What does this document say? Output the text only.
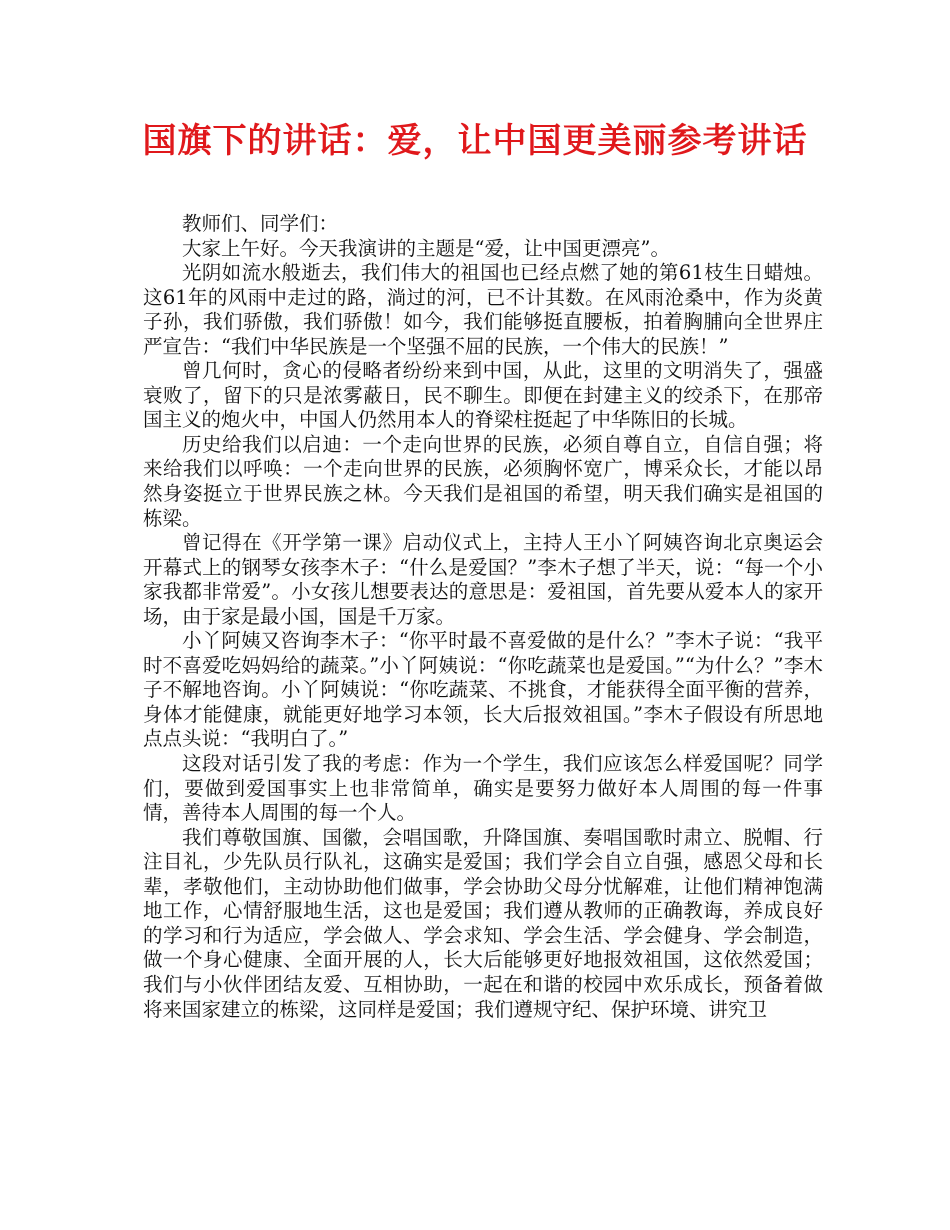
国旗下的讲话：爱，让中国更美丽参考讲话

教师们、同学们：

大家上午好。今天我演讲的主题是“爱，让中国更漂亮”。

光阴如流水般逝去，我们伟大的祖国也已经点燃了她的第61枝生日蜡烛。这61年的风雨中走过的路，淌过的河，已不计其数。在风雨沧桑中，作为炎黄子孙，我们骄傲，我们骄傲！如今，我们能够挺直腰板，拍着胸脯向全世界庄严宣告：“我们中华民族是一个坚强不屈的民族，一个伟大的民族！”

曾几何时，贪心的侵略者纷纷来到中国，从此，这里的文明消失了，强盛衰败了，留下的只是浓雾蔽日，民不聊生。即便在封建主义的绞杀下，在那帝国主义的炮火中，中国人仍然用本人的脊梁柱挺起了中华陈旧的长城。

历史给我们以启迪：一个走向世界的民族，必须自尊自立，自信自强；将来给我们以呼唤：一个走向世界的民族，必须胸怀宽广，博采众长，才能以昂然身姿挺立于世界民族之林。今天我们是祖国的希望，明天我们确实是祖国的栋梁。

曾记得在《开学第一课》启动仪式上，主持人王小丫阿姨咨询北京奥运会开幕式上的钢琴女孩李木子：“什么是爱国？”李木子想了半天，说：“每一个小家我都非常爱”。小女孩儿想要表达的意思是：爱祖国，首先要从爱本人的家开场，由于家是最小国，国是千万家。

小丫阿姨又咨询李木子：“你平时最不喜爱做的是什么？”李木子说：“我平时不喜爱吃妈妈给的蔬菜。”小丫阿姨说：“你吃蔬菜也是爱国。”“为什么？”李木子不解地咨询。小丫阿姨说：“你吃蔬菜、不挑食，才能获得全面平衡的营养，身体才能健康，就能更好地学习本领，长大后报效祖国。”李木子假设有所思地点点头说：“我明白了。”

这段对话引发了我的考虑：作为一个学生，我们应该怎么样爱国呢？同学们，要做到爱国事实上也非常简单，确实是要努力做好本人周围的每一件事情，善待本人周围的每一个人。

我们尊敬国旗、国徽，会唱国歌，升降国旗、奏唱国歌时肃立、脱帽、行注目礼，少先队员行队礼，这确实是爱国；我们学会自立自强，感恩父母和长辈，孝敬他们，主动协助他们做事，学会协助父母分忧解难，让他们精神饱满地工作，心情舒服地生活，这也是爱国；我们遵从教师的正确教诲，养成良好的学习和行为适应，学会做人、学会求知、学会生活、学会健身、学会制造，做一个身心健康、全面开展的人，长大后能够更好地报效祖国，这依然爱国；我们与小伙伴团结友爱、互相协助，一起在和谐的校园中欢乐成长，预备着做将来国家建立的栋梁，这同样是爱国；我们遵规守纪、保护环境、讲究卫
